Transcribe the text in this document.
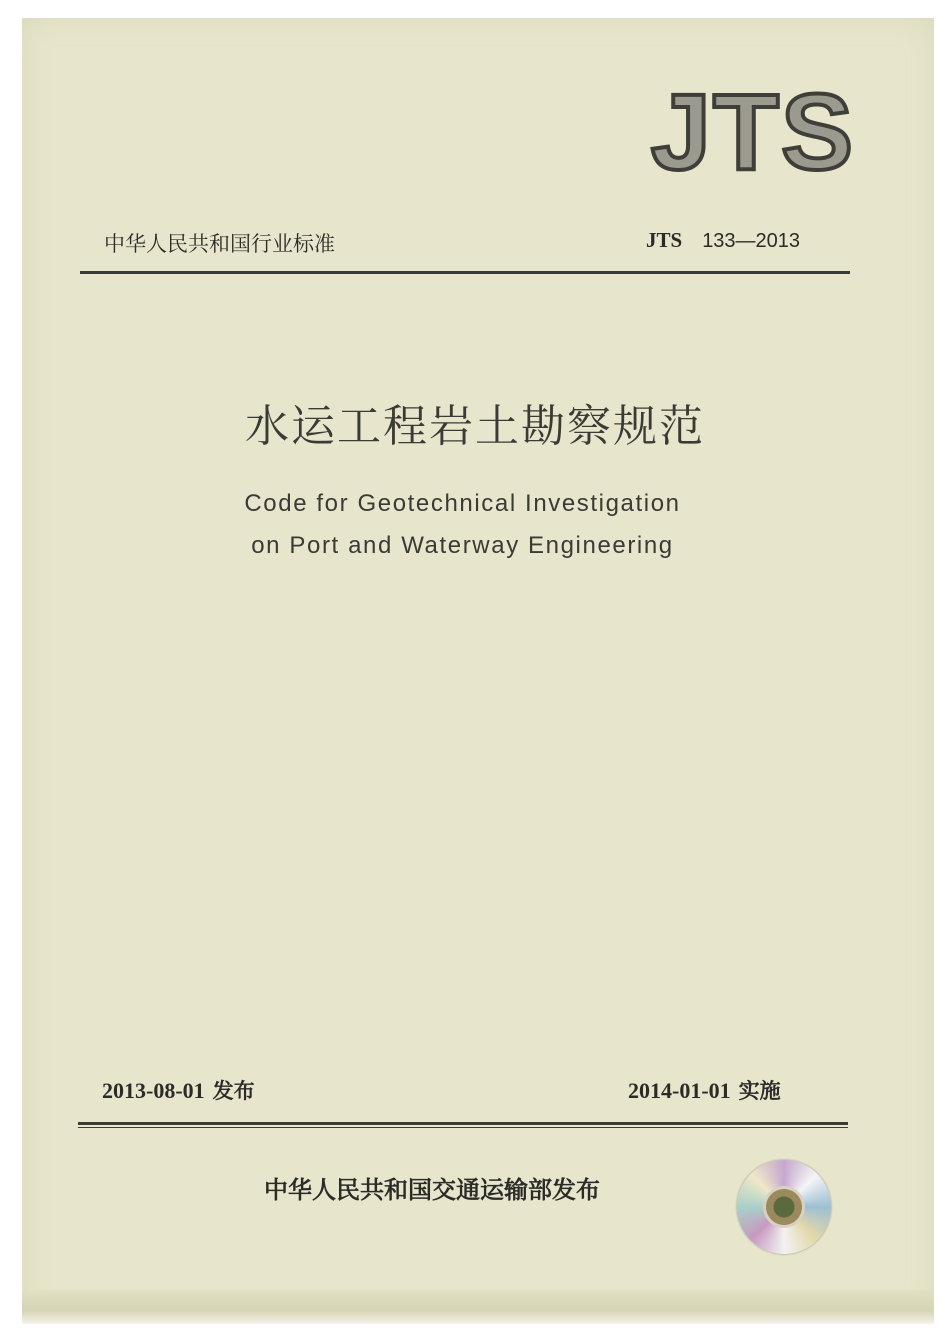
JTS
中华人民共和国行业标准	JTS 133—2013
水运工程岩土勘察规范
Code for Geotechnical Investigation
on Port and Waterway Engineering
2013-08-01 发布	2014-01-01 实施
中华人民共和国交通运输部发布
